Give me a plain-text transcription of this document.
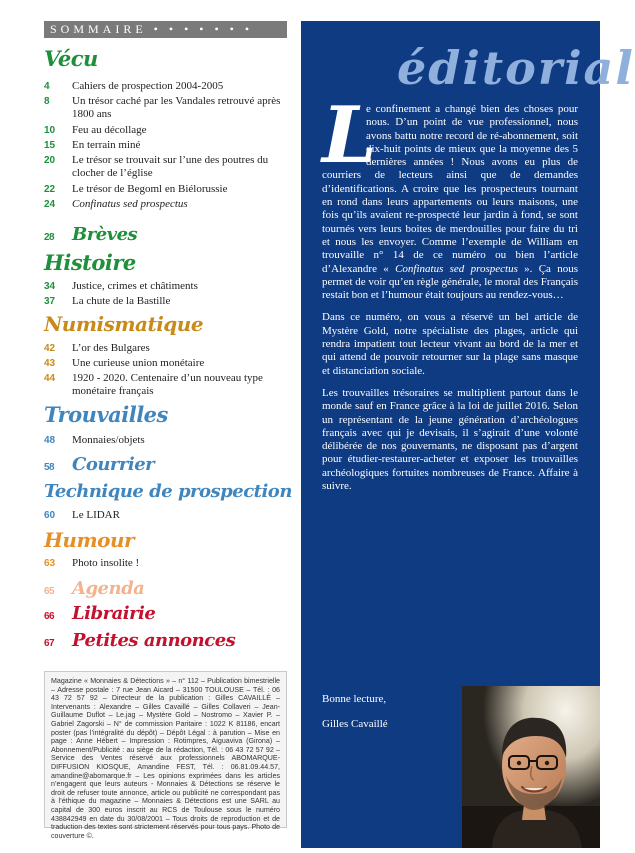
SOMMAIRE • • • • • • •
Vécu
4	Cahiers de prospection 2004-2005
8	Un trésor caché par les Vandales retrouvé après 1800 ans
10	Feu au décollage
15	En terrain miné
20	Le trésor se trouvait sur l’une des poutres du clocher de l’église
22	Le trésor de Begoml en Biélorussie
24	Confinatus sed prospectus
28 Brèves
Histoire
34	Justice, crimes et châtiments
37	La chute de la Bastille
Numismatique
42	L’or des Bulgares
43	Une curieuse union monétaire
44	1920 - 2020. Centenaire d’un nouveau type monétaire français
Trouvailles
48	Monnaies/objets
58 Courrier
Technique de prospection
60	Le LIDAR
Humour
63	Photo insolite !
65 Agenda
66 Librairie
67 Petites annonces
Magazine « Monnaies & Détections » – n° 112 – Publication bimestrielle – Adresse postale : 7 rue Jean Aicard – 31500 TOULOUSE – Tél. : 06 43 72 57 92 – Directeur de la publication : Gilles CAVAILLÉ – Intervenants : Alexandre – Gilles Cavaillé – Gilles Collaveri – Jean-Guillaume Duflot – Le.jag – Mystère Gold – Nostromo – Xavier P. – Gabriel Zagorski – N° de commission Paritaire : 1022 K 81186, encart poster (pas l’intégralité du dépôt) – Dépôt Légal : à parution – Mise en page : Anne Hébert – Impression : Rotimpres, Aiguaviva (Girona) – Abonnement/Publicité : au siège de la rédaction, Tél. : 06 43 72 57 92 – Service des Ventes réservé aux professionnels ABOMARQUE-DIFFUSION KIOSQUE, Amandine FEST, Tél. : 06.81.09.44.57, amandine@abomarque.fr – Les opinions exprimées dans les articles n’engagent que leurs auteurs - Monnaies & Détections se réserve le droit de refuser toute annonce, article ou publicité ne correspondant pas à l’éthique du magazine – Monnaies & Détections est une SARL au capital de 300 euros inscrit au RCS de Toulouse sous le numéro 438842949 en date du 30/08/2001 – Tous droits de reproduction et de traduction des textes sont strictement réservés pour tous pays. Photo de couverture ©.
éditorial

L
e confinement a changé bien des choses pour nous. D’un point de vue professionnel, nous avons battu notre record de ré-abonnement, soit dix-huit points de mieux que la moyenne des 5 dernières années ! Nous avons eu plus de courriers de lecteurs ainsi que de demandes d’identifications. A croire que les prospecteurs tournant en rond dans leurs appartements ou leurs maisons, une fois qu’ils avaient re-prospecté leur jardin à fond, se sont tournés vers leurs boites de merdouilles pour faire du tri et nous les envoyer. Comme l’exemple de William en trouvaille n° 14 de ce numéro ou bien l’article d’Alexandre « Confinatus sed prospectus ». Ça nous permet de voir qu’en règle générale, le moral des Français restait bon et l’humour était toujours au rendez-vous…

Dans ce numéro, on vous a réservé un bel article de Mystère Gold, notre spécialiste des plages, article qui rendra impatient tout lecteur vivant au bord de la mer et qui attend de pouvoir retourner sur la plage sans masque et distanciation sociale.

Les trouvailles trésoraires se multiplient partout dans le monde sauf en France grâce à la loi de juillet 2016. Selon un représentant de la jeune génération d’archéologues français avec qui je devisais, il s’agirait d’une volonté délibérée de nos gouvernants, ne disposant pas d’argent pour étudier-restaurer-acheter et exposer les trouvailles archéologiques fortuites nombreuses de France. Affaire à suivre.

Bonne lecture,

Gilles Cavaillé
